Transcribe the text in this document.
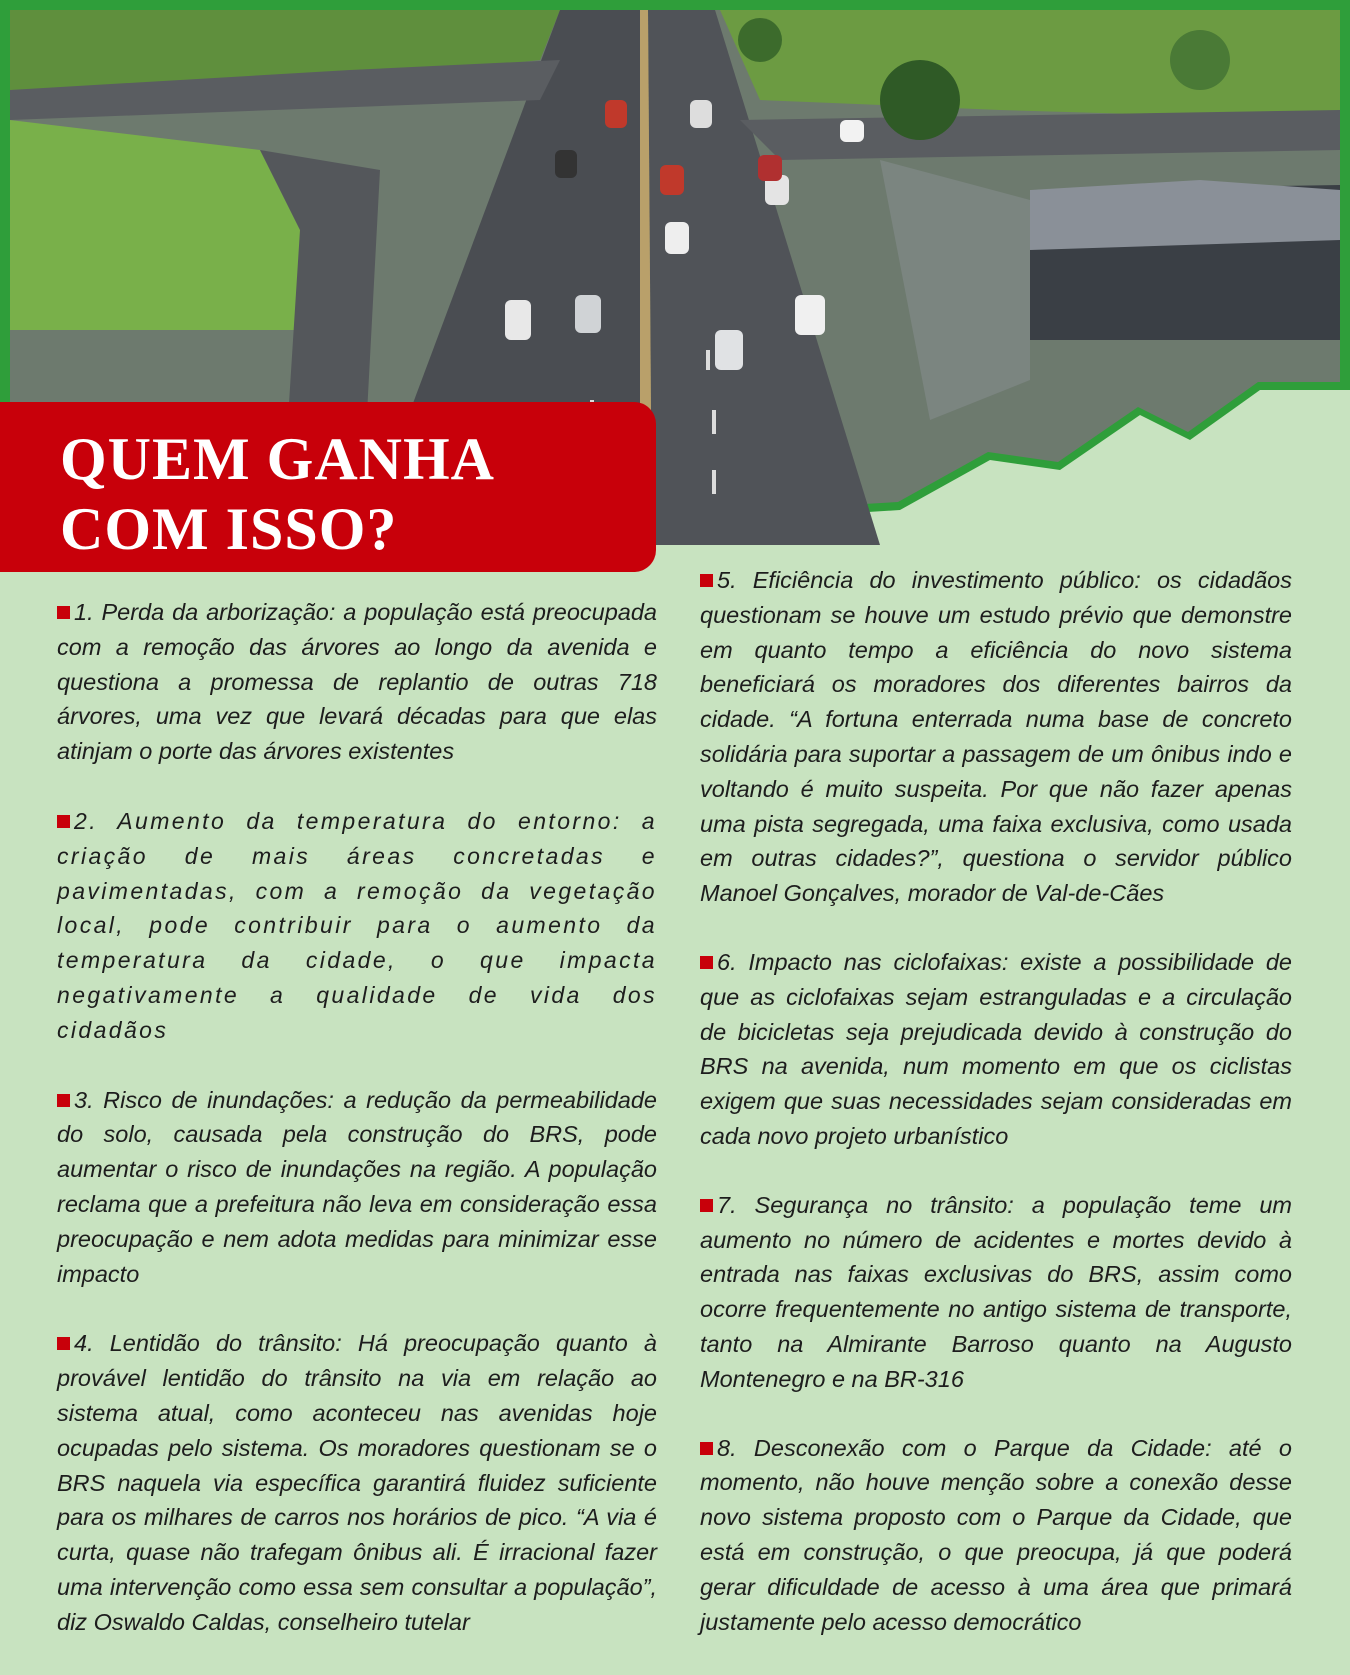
QUEM GANHA
COM ISSO?

1. Perda da arborização: a população está preocupada com a remoção das árvores ao longo da avenida e questiona a promessa de replantio de outras 718 árvores, uma vez que levará décadas para que elas atinjam o porte das árvores existentes

2. Aumento da temperatura do entorno: a criação de mais áreas concretadas e pavimentadas, com a remoção da vegetação local, pode contribuir para o aumento da temperatura da cidade, o que impacta negativamente a qualidade de vida dos cidadãos

3. Risco de inundações: a redução da permeabilidade do solo, causada pela construção do BRS, pode aumentar o risco de inundações na região. A população reclama que a prefeitura não leva em consideração essa preocupação e nem adota medidas para minimizar esse impacto

4. Lentidão do trânsito: Há preocupação quanto à provável lentidão do trânsito na via em relação ao sistema atual, como aconteceu nas avenidas hoje ocupadas pelo sistema. Os moradores questionam se o BRS naquela via específica garantirá fluidez suficiente para os milhares de carros nos horários de pico. “A via é curta, quase não trafegam ônibus ali. É irracional fazer uma intervenção como essa sem consultar a população”, diz Oswaldo Caldas, conselheiro tutelar

5. Eficiência do investimento público: os cidadãos questionam se houve um estudo prévio que demonstre em quanto tempo a eficiência do novo sistema beneficiará os moradores dos diferentes bairros da cidade. “A fortuna enterrada numa base de concreto solidária para suportar a passagem de um ônibus indo e voltando é muito suspeita. Por que não fazer apenas uma pista segregada, uma faixa exclusiva, como usada em outras cidades?”, questiona o servidor público Manoel Gonçalves, morador de Val-de-Cães

6. Impacto nas ciclofaixas: existe a possibilidade de que as ciclofaixas sejam estranguladas e a circulação de bicicletas seja prejudicada devido à construção do BRS na avenida, num momento em que os ciclistas exigem que suas necessidades sejam consideradas em cada novo projeto urbanístico

7. Segurança no trânsito: a população teme um aumento no número de acidentes e mortes devido à entrada nas faixas exclusivas do BRS, assim como ocorre frequentemente no antigo sistema de transporte, tanto na Almirante Barroso quanto na Augusto Montenegro e na BR-316

8. Desconexão com o Parque da Cidade: até o momento, não houve menção sobre a conexão desse novo sistema proposto com o Parque da Cidade, que está em construção, o que preocupa, já que poderá gerar dificuldade de acesso à uma área que primará justamente pelo acesso democrático
